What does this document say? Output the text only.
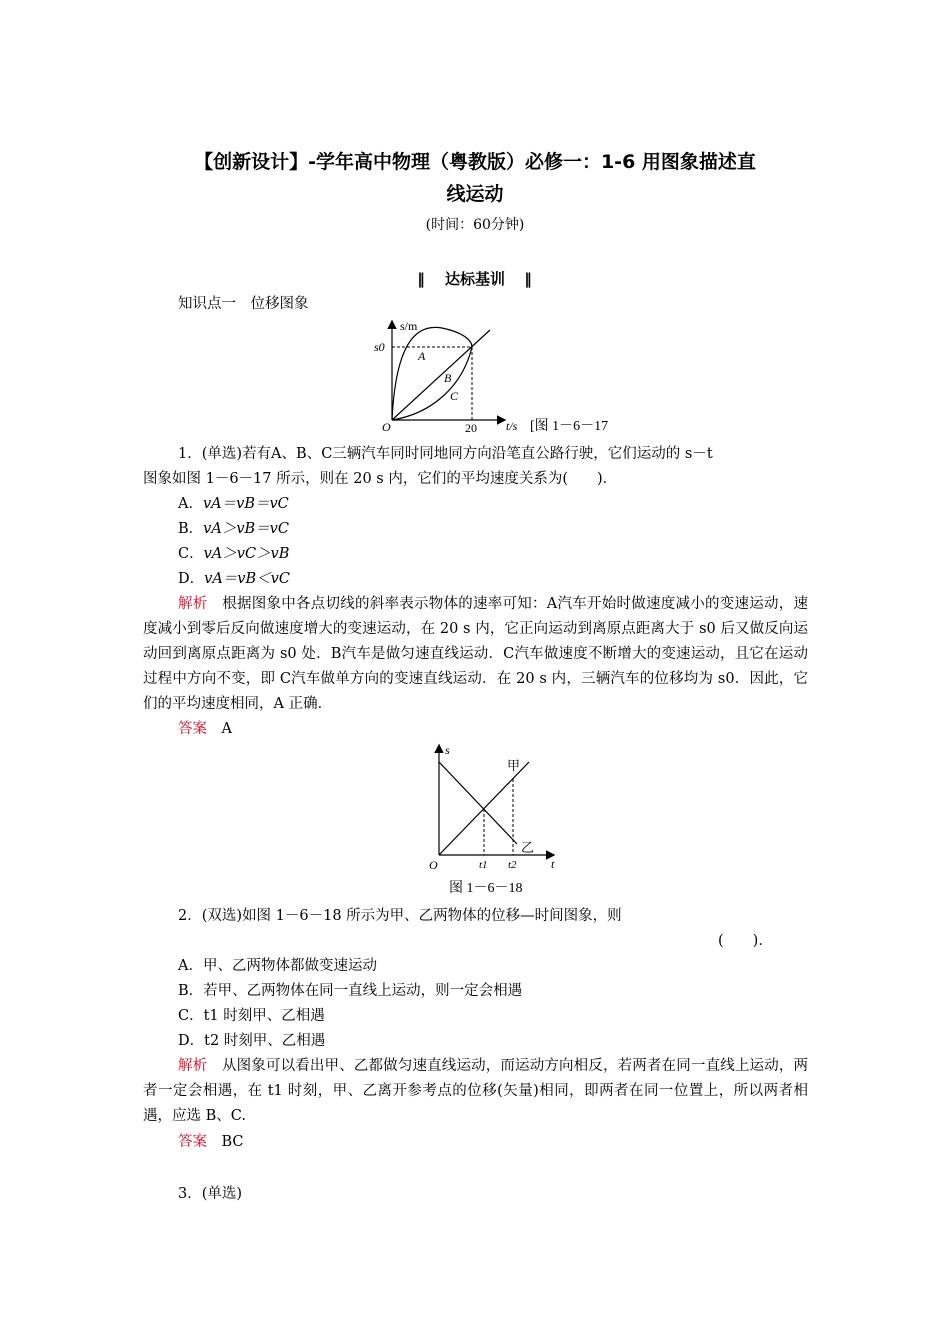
【创新设计】-学年高中物理（粤教版）必修一：1-6 用图象描述直
线运动
(时间：60分钟)
‖ 达标基训 ‖
知识点一　位移图象
s/m
s0
O	20
A
B
C
t/s [图 1－6－17
1．(单选)若有A、B、C三辆汽车同时同地同方向沿笔直公路行驶，它们运动的 s－t
图象如图 1－6－17 所示，则在 20 s 内，它们的平均速度关系为(　　)．
A．vA＝vB＝vC
B．vA＞vB＝vC
C．vA＞vC＞vB
D．vA＝vB＜vC
解析　 根据图象中各点切线的斜率表示物体的速率可知：A汽车开始时做速度减小的变速运动，速度减小到零后反向做速度增大的变速运动，在 20 s 内，它正向运动到离原点距离大于 s0 后又做反向运动回到离原点距离为 s0 处．B汽车是做匀速直线运动．C汽车做速度不断增大的变速运动，且它在运动过程中方向不变，即 C汽车做单方向的变速直线运动．在 20 s 内，三辆汽车的位移均为 s0．因此，它们的平均速度相同，A 正确．
答案　 A
s
甲
乙
O	t1 t2	t
图 1－6－18
2．(双选)如图 1－6－18 所示为甲、乙两物体的位移—时间图象，则
(　　)．
A．甲、乙两物体都做变速运动
B．若甲、乙两物体在同一直线上运动，则一定会相遇
C．t1 时刻甲、乙相遇
D．t2 时刻甲、乙相遇
解析　 从图象可以看出甲、乙都做匀速直线运动，而运动方向相反，若两者在同一直线上运动，两者一定会相遇，在 t1 时刻，甲、乙离开参考点的位移(矢量)相同，即两者在同一位置上，所以两者相遇，应选 B、C.
答案　 BC
3．(单选)
